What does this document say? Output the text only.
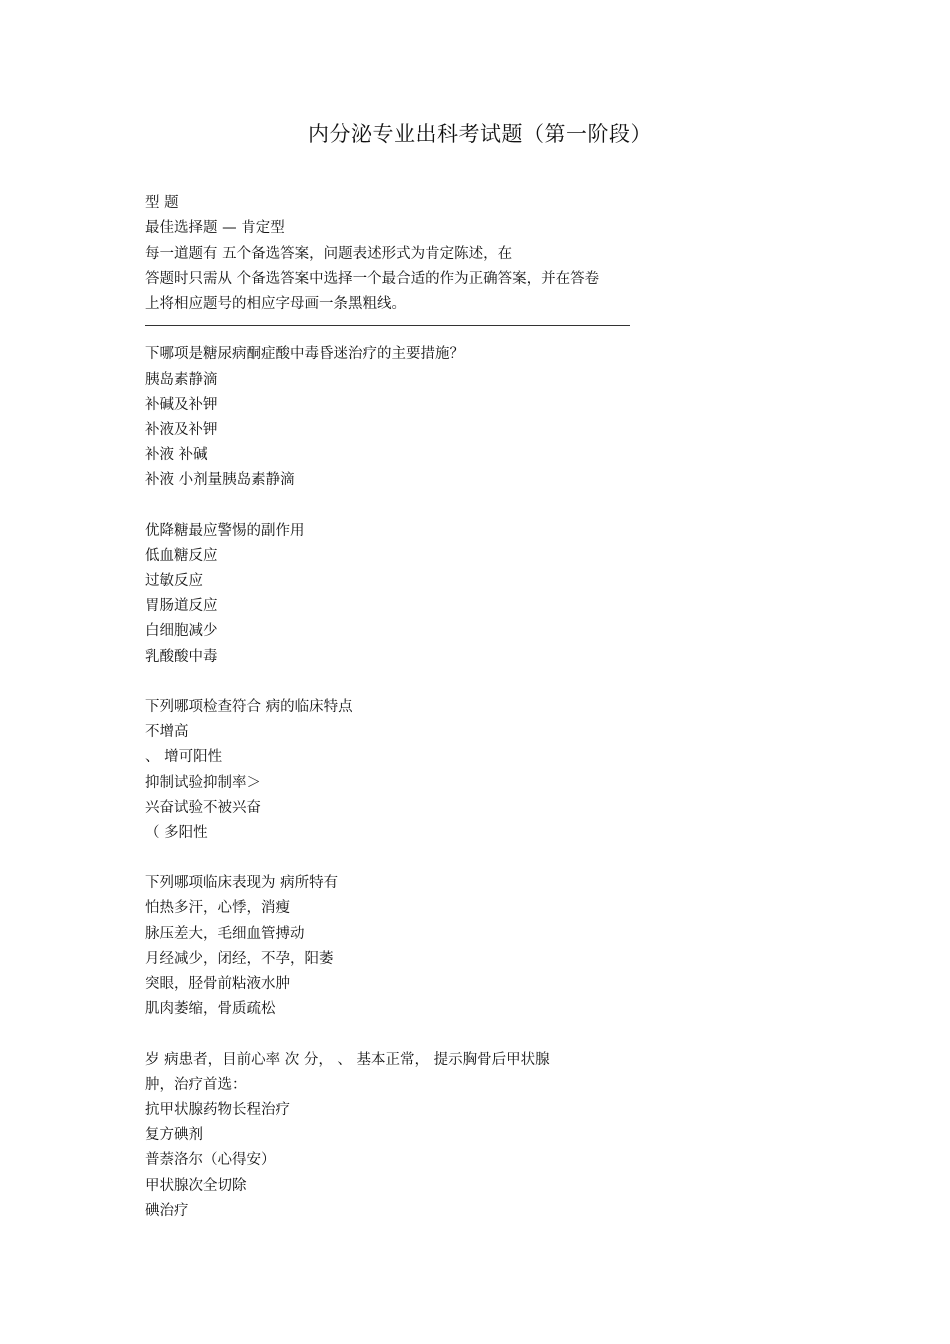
内分泌专业出科考试题（第一阶段）
型 题
最佳选择题 — 肯定型
每一道题有 五个备选答案，问题表述形式为肯定陈述，在
答题时只需从 个备选答案中选择一个最合适的作为正确答案，并在答卷
上将相应题号的相应字母画一条黑粗线。
下哪项是糖尿病酮症酸中毒昏迷治疗的主要措施？
胰岛素静滴
补碱及补钾
补液及补钾
补液 补碱
补液 小剂量胰岛素静滴
优降糖最应警惕的副作用
低血糖反应
过敏反应
胃肠道反应
白细胞减少
乳酸酸中毒
下列哪项检查符合 病的临床特点
不增高
、 增可阳性
抑制试验抑制率＞
兴奋试验不被兴奋
（ 多阳性
下列哪项临床表现为 病所特有
怕热多汗，心悸，消瘦
脉压差大，毛细血管搏动
月经减少，闭经，不孕，阳萎
突眼，胫骨前粘液水肿
肌肉萎缩，骨质疏松
岁 病患者，目前心率 次 分， 、 基本正常， 提示胸骨后甲状腺
肿，治疗首选：
抗甲状腺药物长程治疗
复方碘剂
普萘洛尔（心得安）
甲状腺次全切除
碘治疗
